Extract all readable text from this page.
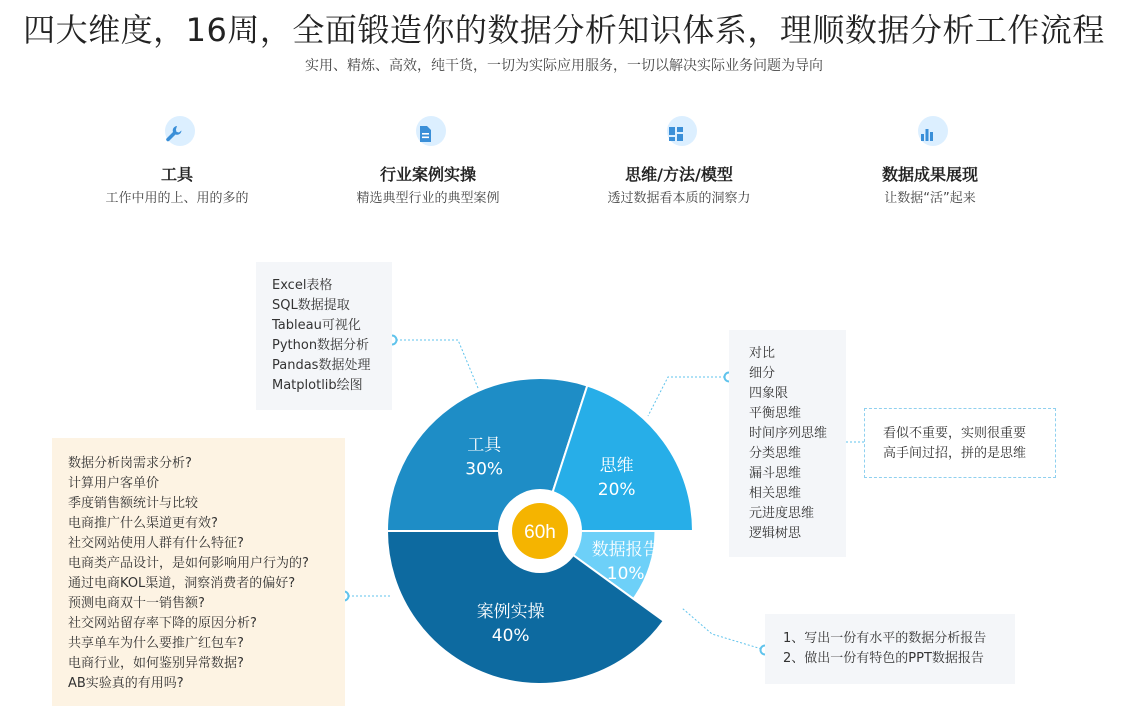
四大维度，16周，全面锻造你的数据分析知识体系，理顺数据分析工作流程
实用、精炼、高效，纯干货，一切为实际应用服务，一切以解决实际业务问题为导向
工具
工作中用的上、用的多的
行业案例实操
精选典型行业的典型案例
思维/方法/模型
透过数据看本质的洞察力
数据成果展现
让数据“活”起来
工具
30%	思维
20%
数据报告
10%
案例实操
40%
60h
Excel表格
SQL数据提取
Tableau可视化
Python数据分析
Pandas数据处理
Matplotlib绘图
对比
细分
四象限
平衡思维
时间序列思维
分类思维
漏斗思维
相关思维
元进度思维
逻辑树思
看似不重要，实则很重要
高手间过招，拼的是思维
数据分析岗需求分析?
计算用户客单价
季度销售额统计与比较
电商推广什么渠道更有效?
社交网站使用人群有什么特征?
电商类产品设计，是如何影响用户行为的?
通过电商KOL渠道，洞察消费者的偏好?
预测电商双十一销售额?
社交网站留存率下降的原因分析?
共享单车为什么要推广红包车?
电商行业，如何鉴别异常数据?
AB实验真的有用吗?
1、写出一份有水平的数据分析报告
2、做出一份有特色的PPT数据报告
